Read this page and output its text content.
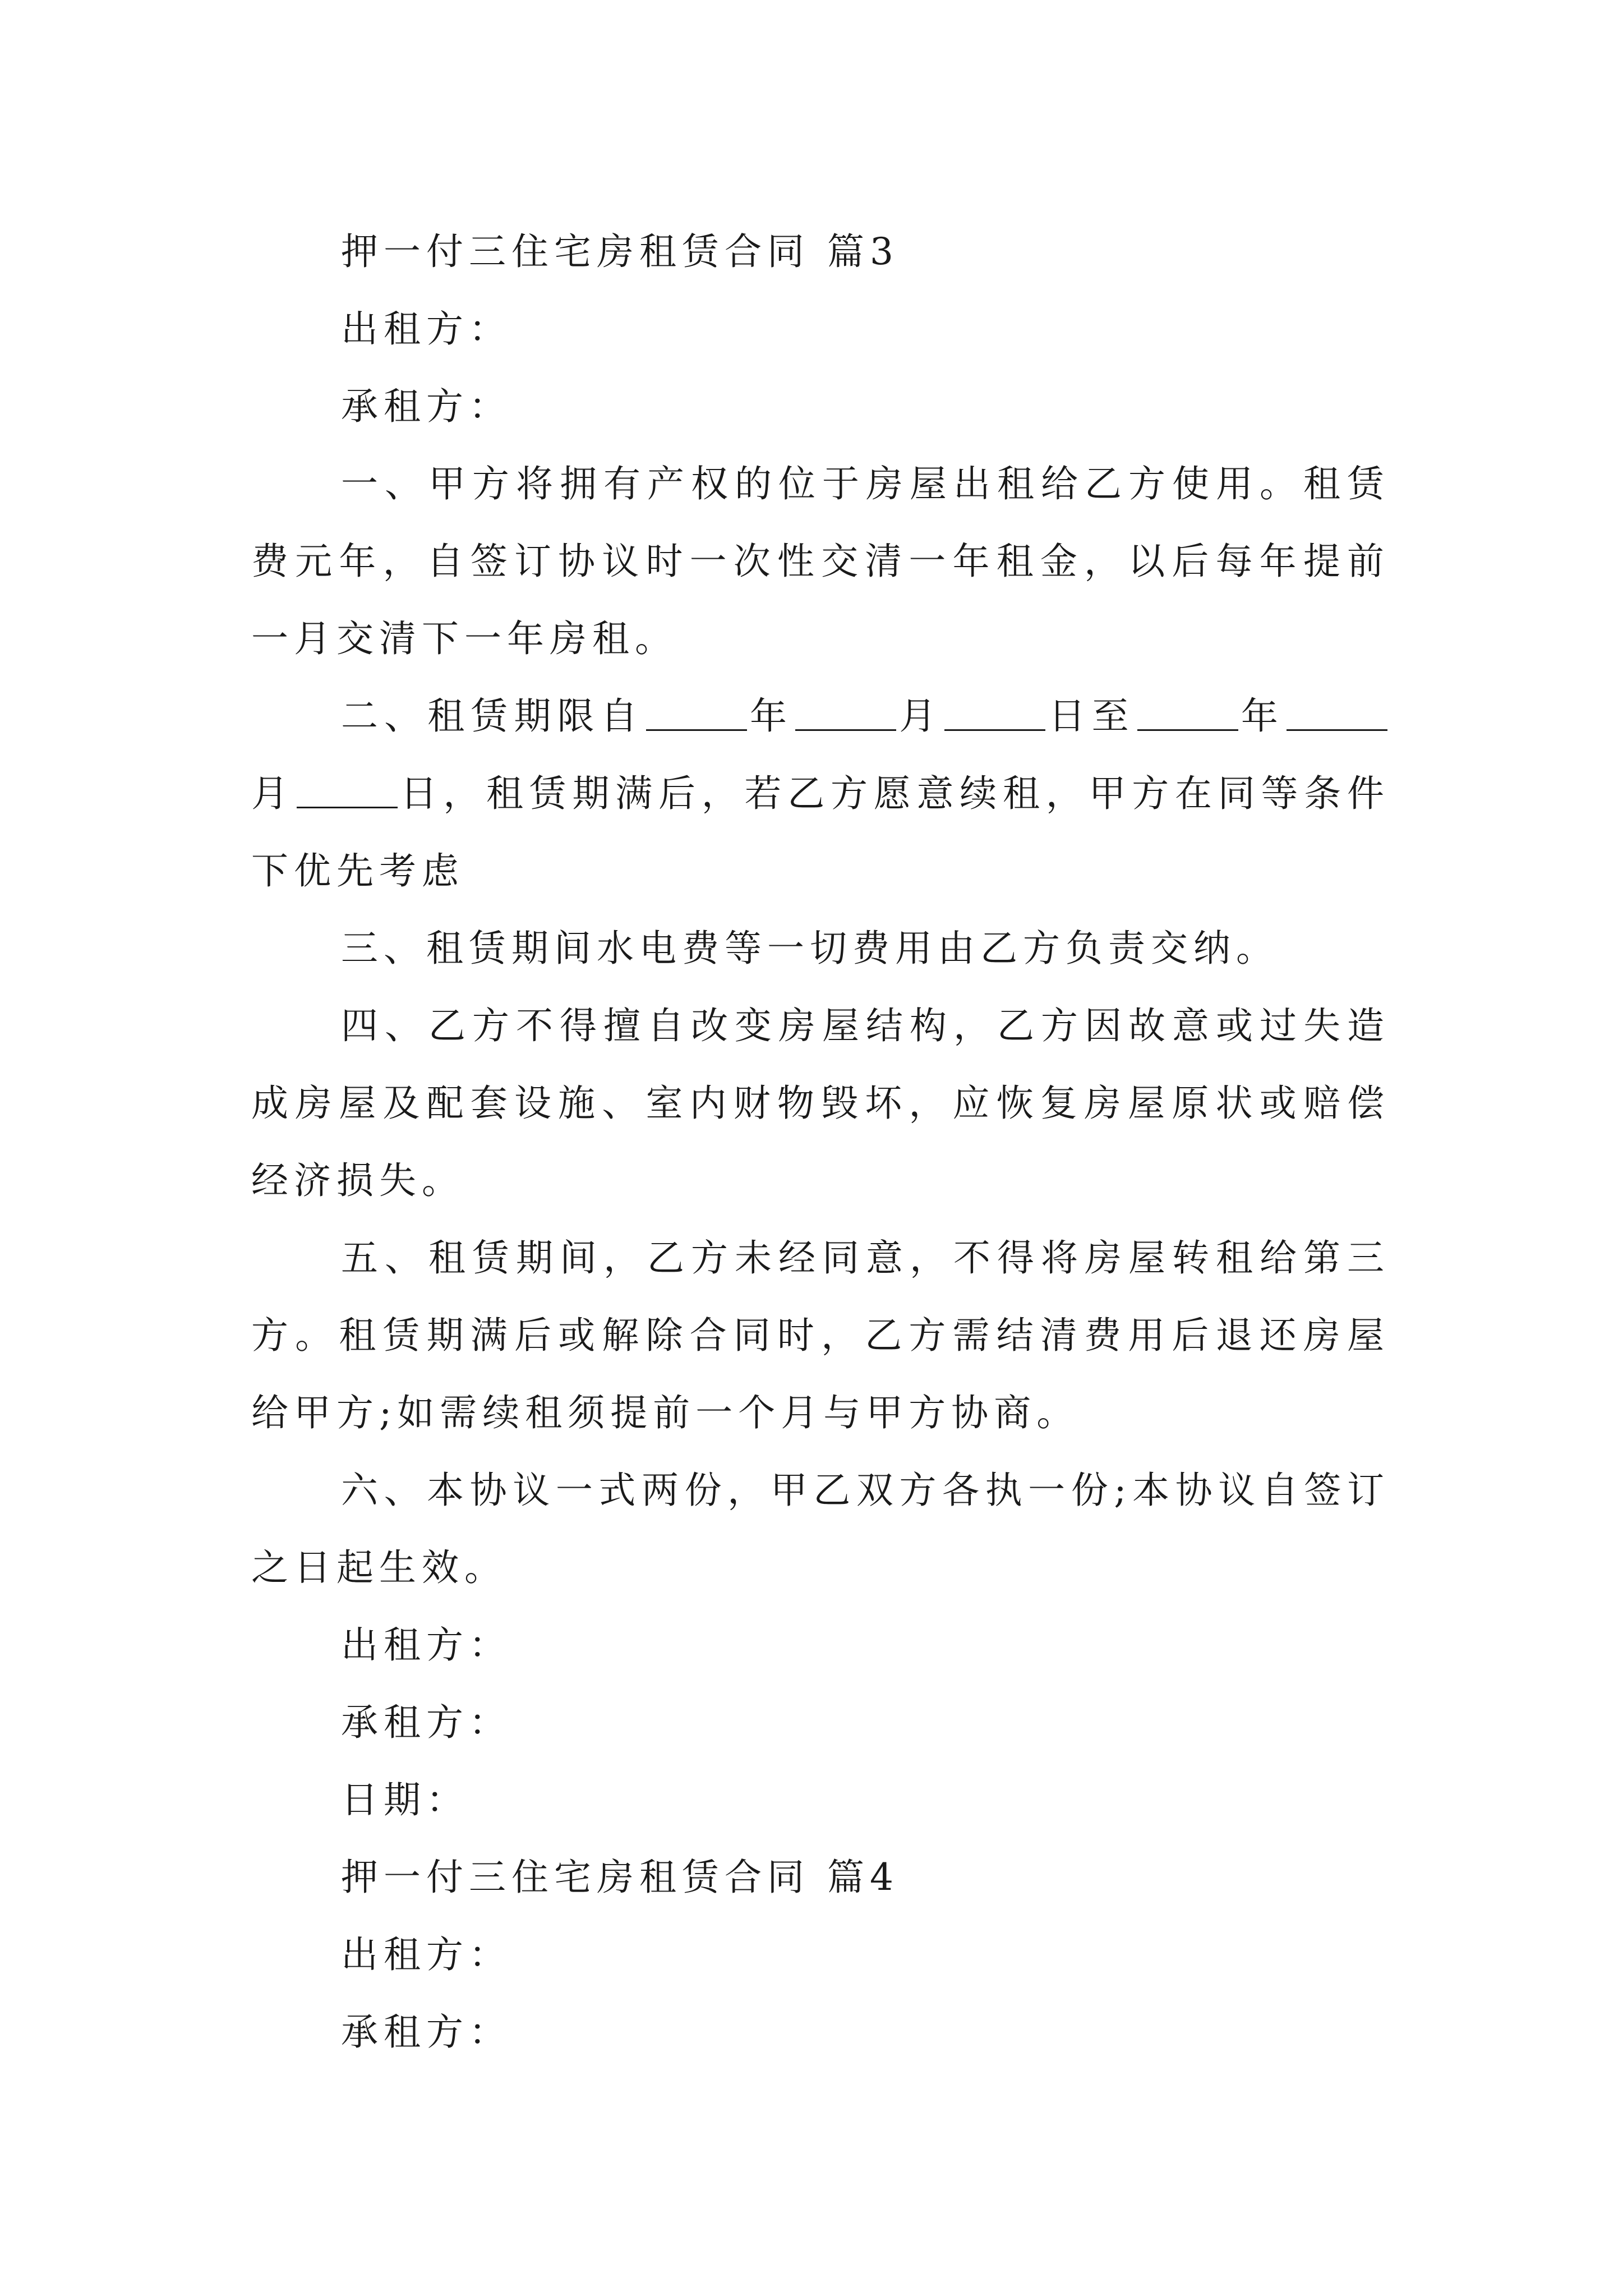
押一付三住宅房租赁合同 篇3
出租方：
承租方：
一、甲方将拥有产权的位于房屋出租给乙方使用。租赁费元年，自签订协议时一次性交清一年租金，以后每年提前一月交清下一年房租。
二、租赁期限自	年	月	日至	年月	日，租赁期满后，若乙方愿意续租，甲方在同等条件下优先考虑
三、租赁期间水电费等一切费用由乙方负责交纳。
四、乙方不得擅自改变房屋结构，乙方因故意或过失造成房屋及配套设施、室内财物毁坏，应恢复房屋原状或赔偿经济损失。
五、租赁期间，乙方未经同意，不得将房屋转租给第三方。租赁期满后或解除合同时，乙方需结清费用后退还房屋给甲方;如需续租须提前一个月与甲方协商。
六、本协议一式两份，甲乙双方各执一份;本协议自签订之日起生效。
出租方：
承租方：
日期：
押一付三住宅房租赁合同 篇4
出租方：
承租方：
